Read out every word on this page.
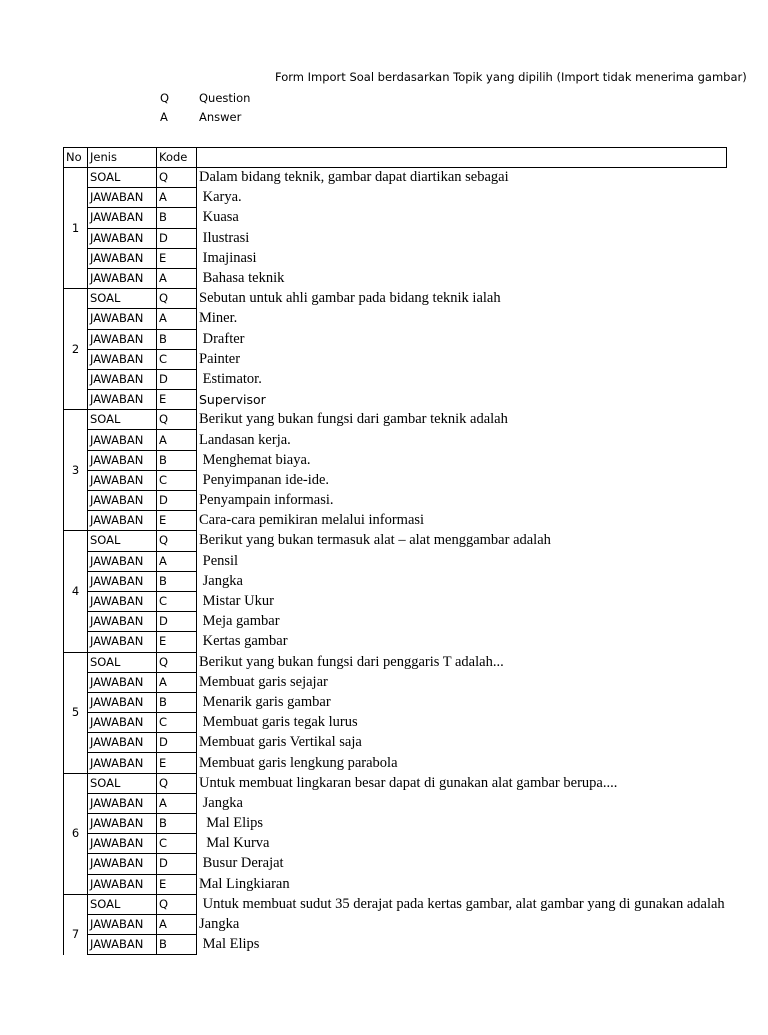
Form Import Soal berdasarkan Topik yang dipilih (Import tidak menerima gambar)
Q	Question
A	Answer
No	Jenis	Kode	
1	SOAL	Q	Dalam bidang teknik, gambar dapat diartikan sebagai
	JAWABAN	A	Karya.
	JAWABAN	B	Kuasa
	JAWABAN	D	Ilustrasi
	JAWABAN	E	Imajinasi
	JAWABAN	A	Bahasa teknik
2	SOAL	Q	Sebutan untuk ahli gambar pada bidang teknik ialah
	JAWABAN	A	Miner.
	JAWABAN	B	Drafter
	JAWABAN	C	Painter
	JAWABAN	D	Estimator.
	JAWABAN	E	Supervisor
3	SOAL	Q	Berikut yang bukan fungsi dari gambar teknik adalah
	JAWABAN	A	Landasan kerja.
	JAWABAN	B	Menghemat biaya.
	JAWABAN	C	Penyimpanan ide-ide.
	JAWABAN	D	Penyampain informasi.
	JAWABAN	E	Cara-cara pemikiran melalui informasi
4	SOAL	Q	Berikut yang bukan termasuk alat – alat menggambar adalah
	JAWABAN	A	Pensil
	JAWABAN	B	Jangka
	JAWABAN	C	Mistar Ukur
	JAWABAN	D	Meja gambar
	JAWABAN	E	Kertas gambar
5	SOAL	Q	Berikut yang bukan fungsi dari penggaris T adalah...
	JAWABAN	A	Membuat garis sejajar
	JAWABAN	B	Menarik garis gambar
	JAWABAN	C	Membuat garis tegak lurus
	JAWABAN	D	Membuat garis Vertikal saja
	JAWABAN	E	Membuat garis lengkung parabola
6	SOAL	Q	Untuk membuat lingkaran besar dapat di gunakan alat gambar berupa....
	JAWABAN	A	Jangka
	JAWABAN	B	Mal Elips
	JAWABAN	C	Mal Kurva
	JAWABAN	D	Busur Derajat
	JAWABAN	E	Mal Lingkiaran
7	SOAL	Q	Untuk membuat sudut 35 derajat pada kertas gambar, alat gambar yang di gunakan adalah
	JAWABAN	A	Jangka
	JAWABAN	B	Mal Elips
